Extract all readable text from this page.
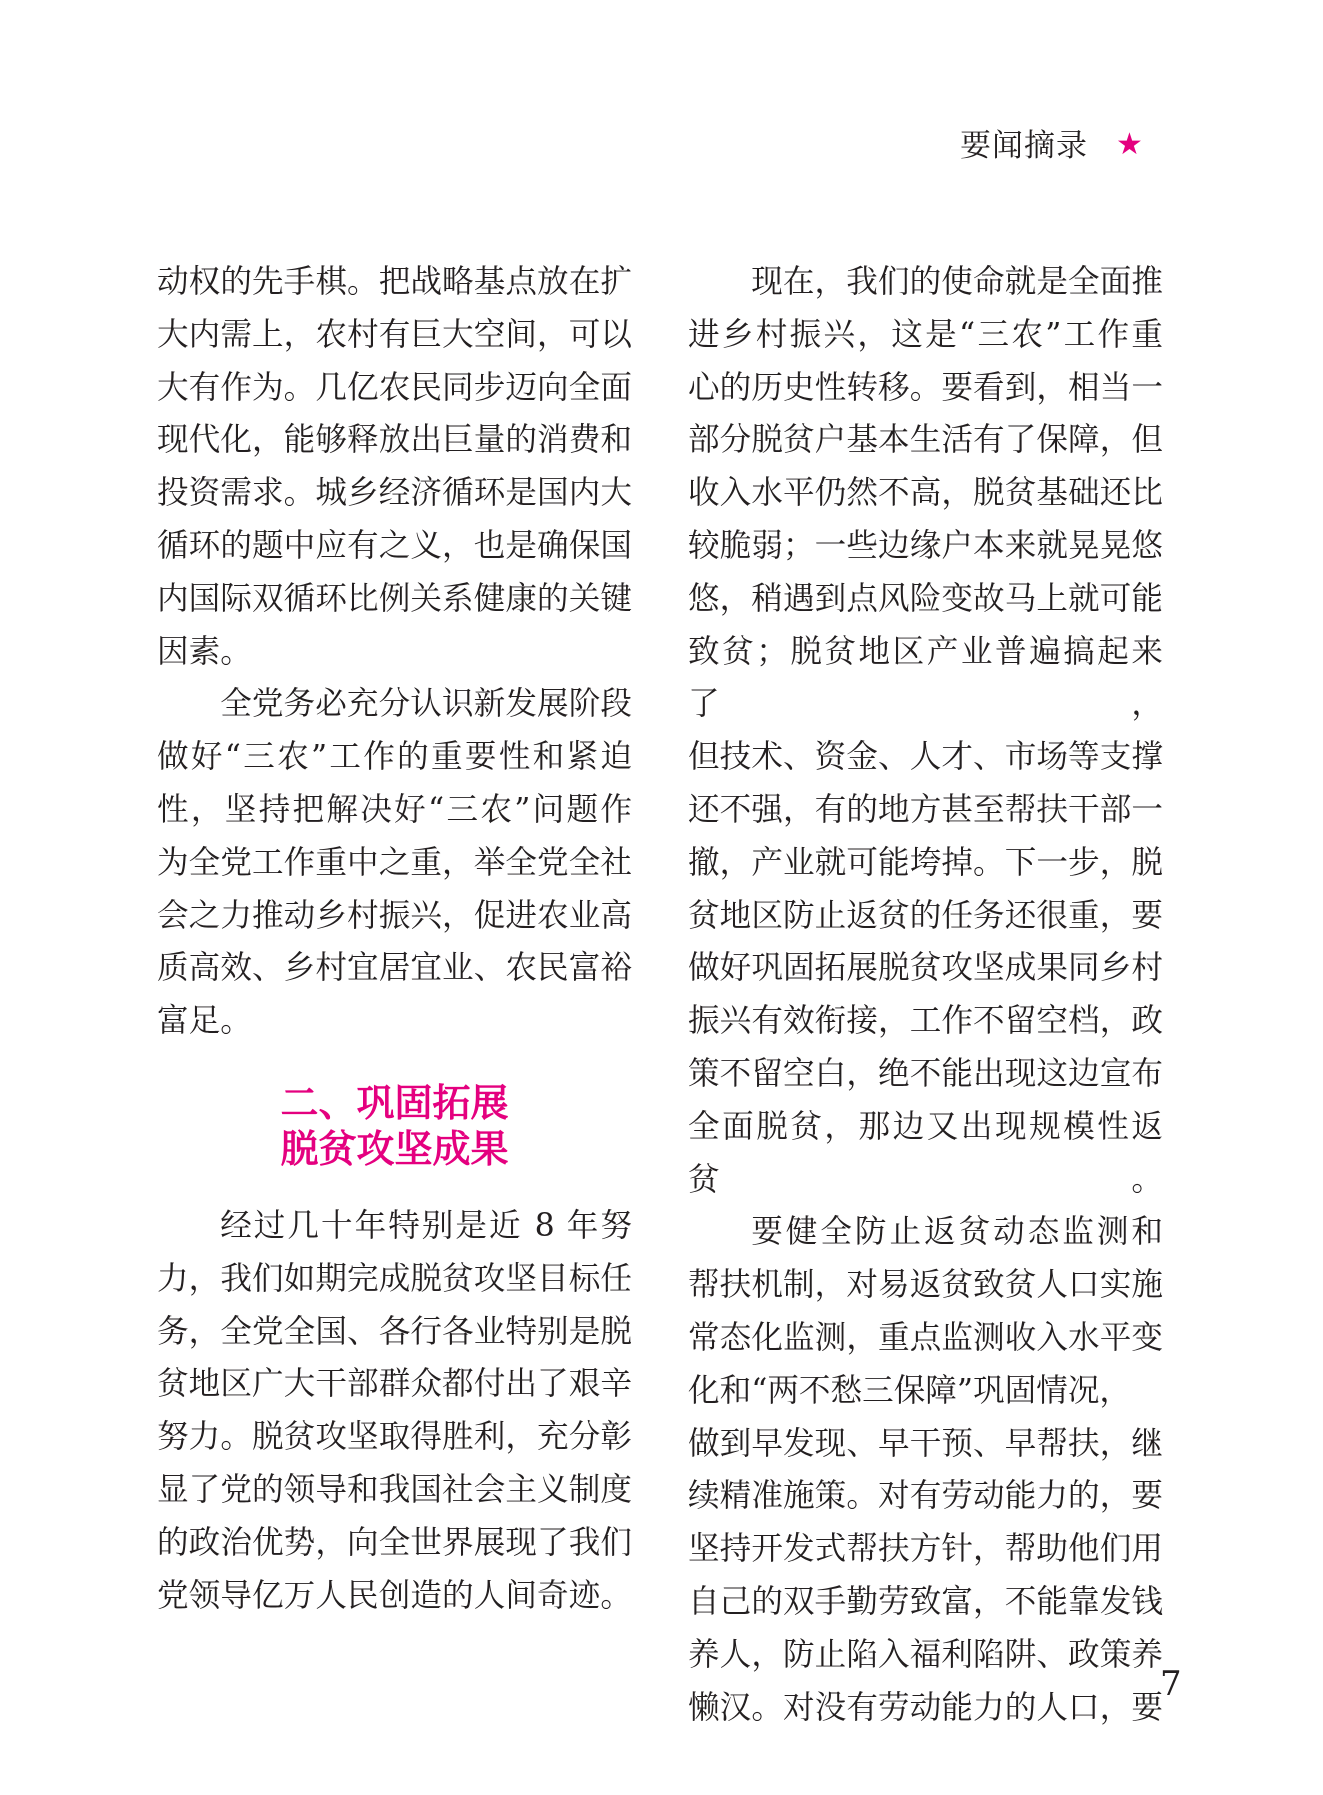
要闻摘录 ★

动权的先手棋。把战略基点放在扩

大内需上，农村有巨大空间，可以

大有作为。几亿农民同步迈向全面

现代化，能够释放出巨量的消费和

投资需求。城乡经济循环是国内大

循环的题中应有之义，也是确保国

内国际双循环比例关系健康的关键

因素。

全党务必充分认识新发展阶段

做好“三农”工作的重要性和紧迫

性，坚持把解决好“三农”问题作

为全党工作重中之重，举全党全社

会之力推动乡村振兴，促进农业高

质高效、乡村宜居宜业、农民富裕

富足。

二、巩固拓展
脱贫攻坚成果

经过几十年特别是近 8 年努

力，我们如期完成脱贫攻坚目标任

务，全党全国、各行各业特别是脱

贫地区广大干部群众都付出了艰辛

努力。脱贫攻坚取得胜利，充分彰

显了党的领导和我国社会主义制度

的政治优势，向全世界展现了我们

党领导亿万人民创造的人间奇迹。

现在，我们的使命就是全面推

进乡村振兴，这是“三农”工作重

心的历史性转移。要看到，相当一

部分脱贫户基本生活有了保障，但

收入水平仍然不高，脱贫基础还比

较脆弱；一些边缘户本来就晃晃悠

悠，稍遇到点风险变故马上就可能

致贫；脱贫地区产业普遍搞起来了，

但技术、资金、人才、市场等支撑

还不强，有的地方甚至帮扶干部一

撤，产业就可能垮掉。下一步，脱

贫地区防止返贫的任务还很重，要

做好巩固拓展脱贫攻坚成果同乡村

振兴有效衔接，工作不留空档，政

策不留空白，绝不能出现这边宣布

全面脱贫，那边又出现规模性返贫。

要健全防止返贫动态监测和

帮扶机制，对易返贫致贫人口实施

常态化监测，重点监测收入水平变

化和“两不愁三保障”巩固情况，

做到早发现、早干预、早帮扶，继

续精准施策。对有劳动能力的，要

坚持开发式帮扶方针，帮助他们用

自己的双手勤劳致富，不能靠发钱

养人，防止陷入福利陷阱、政策养

懒汉。对没有劳动能力的人口，要

7
